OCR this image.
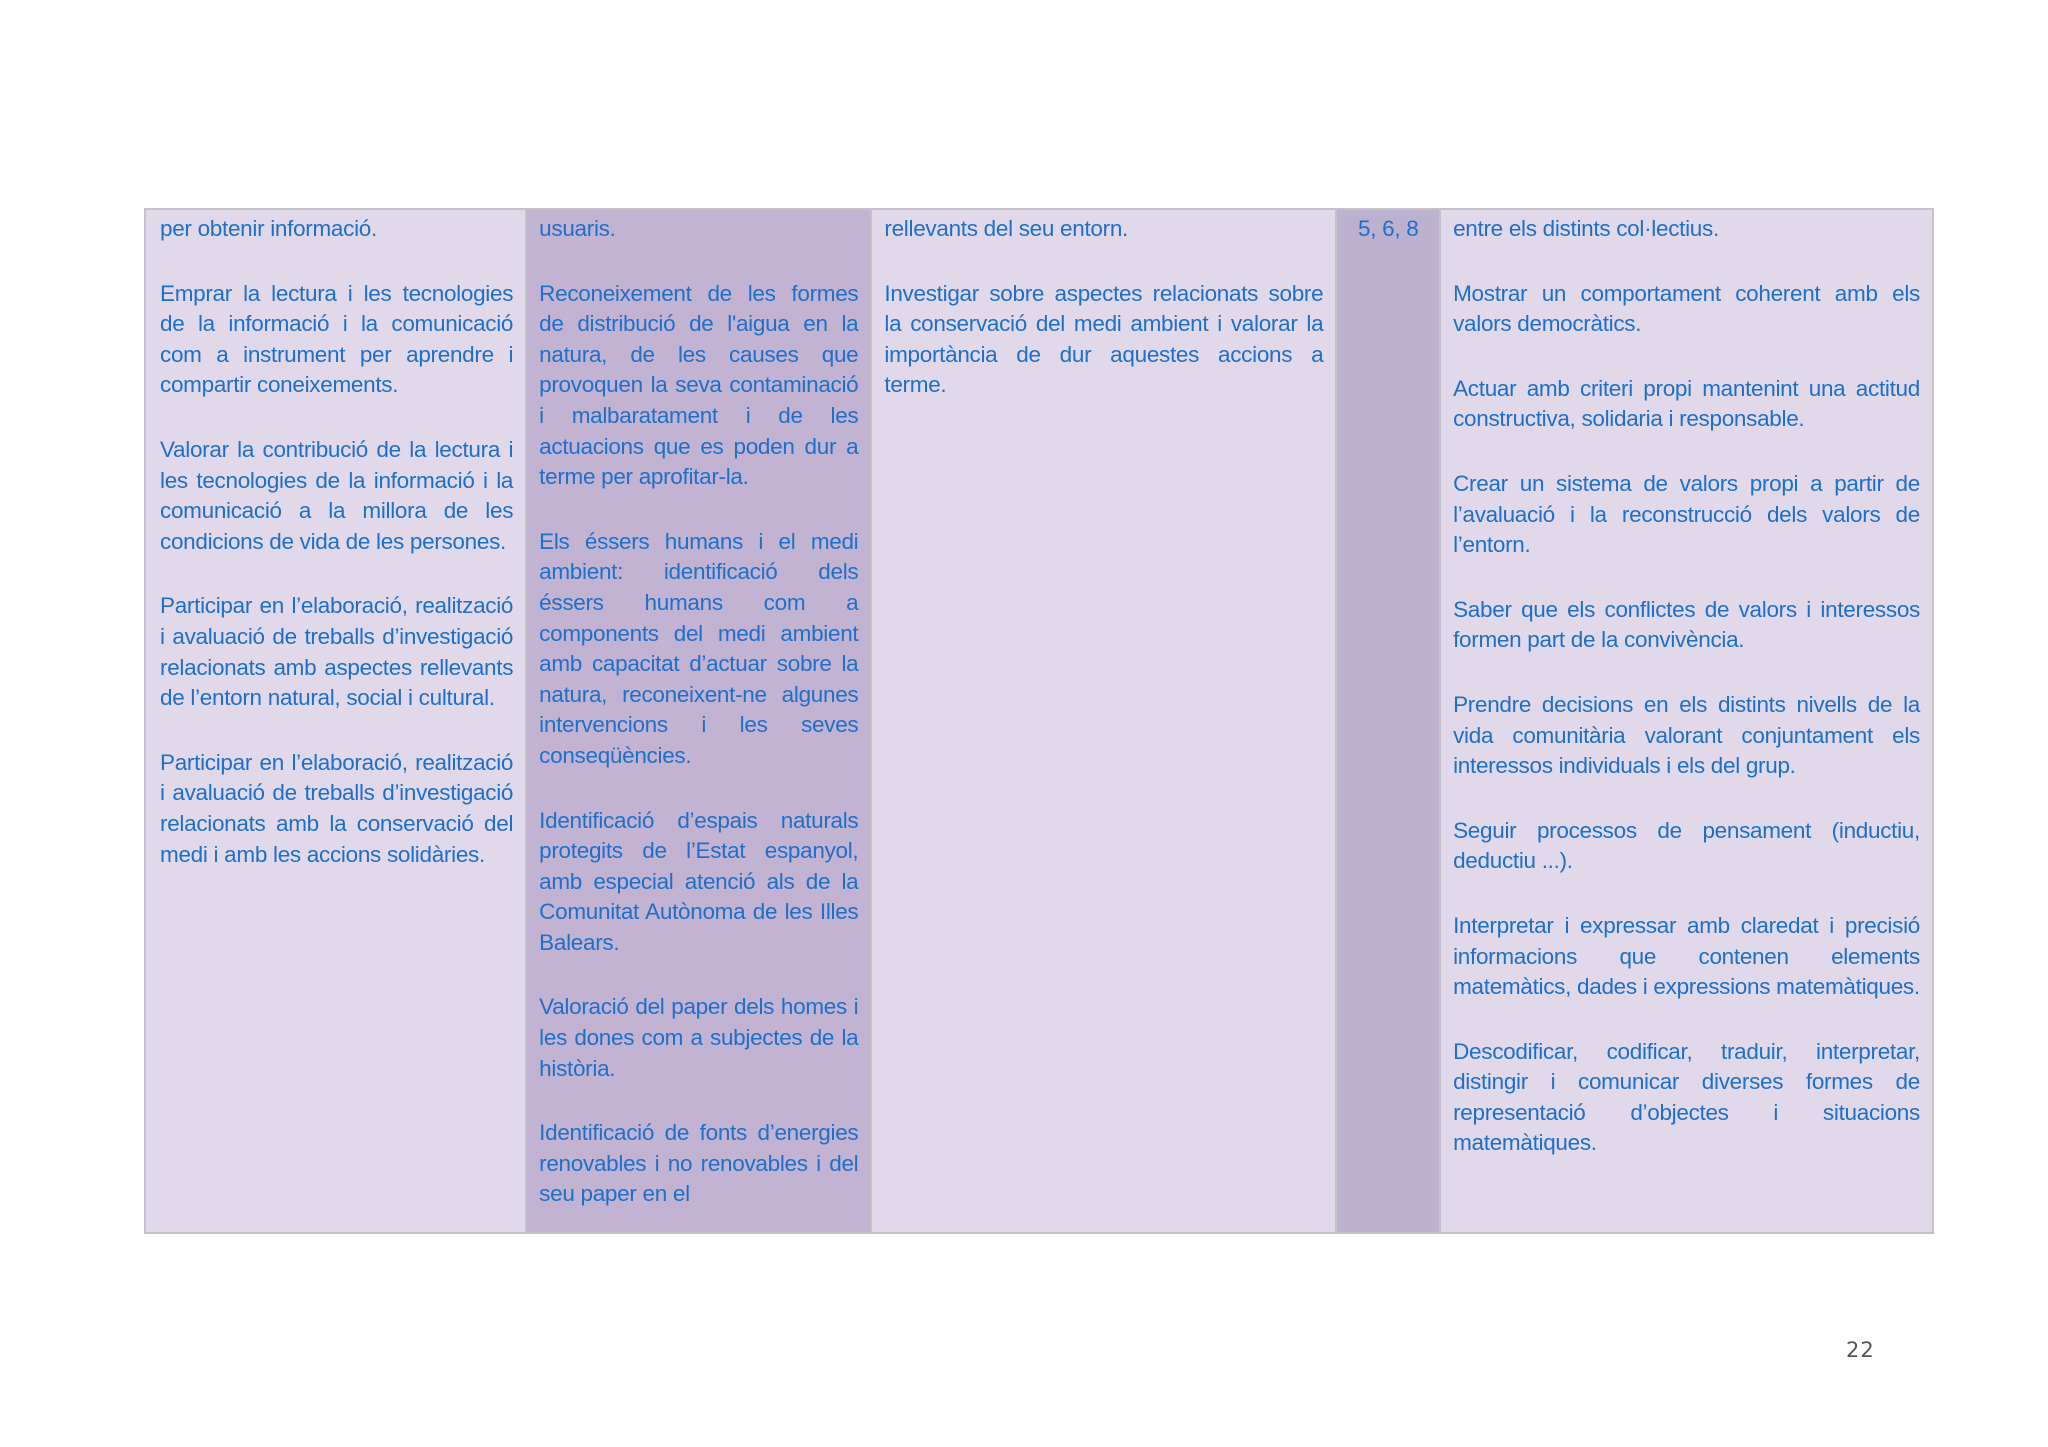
per obtenir informació.

Emprar la lectura i les tecnologies de la informació i la comunicació com a instrument per aprendre i compartir coneixements.

Valorar la contribució de la lectura i les tecnologies de la informació i la comunicació a la millora de les condicions de vida de les persones.

Participar en l’elaboració, realització i avaluació de treballs d’investigació relacionats amb aspectes rellevants de l’entorn natural, social i cultural.

Participar en l’elaboració, realització i avaluació de treballs d’investigació relacionats amb la conservació del medi i amb les accions solidàries.

usuaris.

Reconeixement de les formes de distribució de l'aigua en la natura, de les causes que provoquen la seva contaminació i malbaratament i de les actuacions que es poden dur a terme per aprofitar-la.

Els éssers humans i el medi ambient: identificació dels éssers humans com a components del medi ambient amb capacitat d’actuar sobre la natura, reconeixent-ne algunes intervencions i les seves conseqüències.

Identificació d’espais naturals protegits de l’Estat espanyol, amb especial atenció als de la Comunitat Autònoma de les Illes Balears.

Valoració del paper dels homes i les dones com a subjectes de la història.

Identificació de fonts d’energies renovables i no renovables i del seu paper en el

rellevants del seu entorn.

Investigar sobre aspectes relacionats sobre la conservació del medi ambient i valorar la importància de dur aquestes accions a terme.

5, 6, 8	entre els distints col·lectius.

Mostrar un comportament coherent amb els valors democràtics.

Actuar amb criteri propi mantenint una actitud constructiva, solidaria i responsable.

Crear un sistema de valors propi a partir de l’avaluació i la reconstrucció dels valors de l’entorn.

Saber que els conflictes de valors i interessos formen part de la convivència.

Prendre decisions en els distints nivells de la vida comunitària valorant conjuntament els interessos individuals i els del grup.

Seguir processos de pensament (inductiu, deductiu ...).

Interpretar i expressar amb claredat i precisió informacions que contenen elements matemàtics, dades i expressions matemàtiques.

Descodificar, codificar, traduir, interpretar, distingir i comunicar diverses formes de representació d’objectes i situacions matemàtiques.

22
